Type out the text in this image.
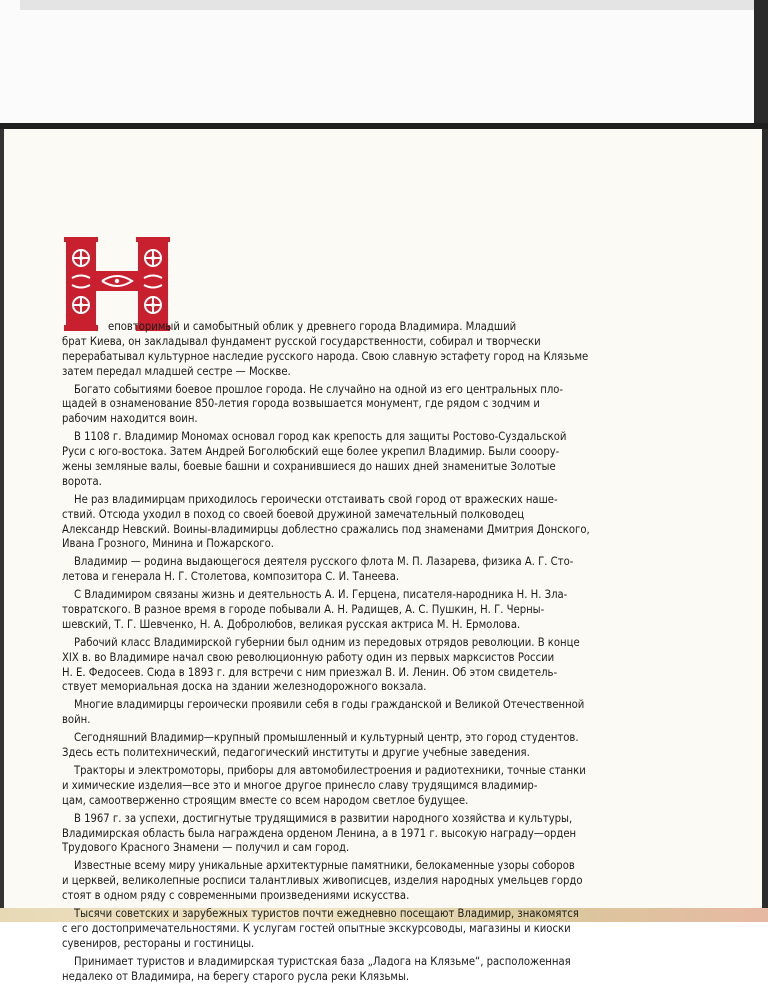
еповторимый и самобытный облик у древнего города Владимира. Младший
брат Киева, он закладывал фундамент русской государственности, собирал и творчески
перерабатывал культурное наследие русского народа. Свою славную эстафету город на Клязьме
затем передал младшей сестре — Москве.
Богато событиями боевое прошлое города. Не случайно на одной из его центральных пло-
щадей в ознаменование 850-летия города возвышается монумент, где рядом с зодчим и
рабочим находится воин.
В 1108 г. Владимир Мономах основал город как крепость для защиты Ростово-Суздальской
Руси с юго-востока. Затем Андрей Боголюбский еще более укрепил Владимир. Были сооору-
жены земляные валы, боевые башни и сохранившиеся до наших дней знаменитые Золотые
ворота.
Не раз владимирцам приходилось героически отстаивать свой город от вражеских наше-
ствий. Отсюда уходил в поход со своей боевой дружиной замечательный полководец
Александр Невский. Воины-владимирцы доблестно сражались под знаменами Дмитрия Донского,
Ивана Грозного, Минина и Пожарского.
Владимир — родина выдающегося деятеля русского флота М. П. Лазарева, физика А. Г. Сто-
летова и генерала Н. Г. Столетова, композитора С. И. Танеева.
С Владимиром связаны жизнь и деятельность А. И. Герцена, писателя-народника Н. Н. Зла-
товратского. В разное время в городе побывали А. Н. Радищев, А. С. Пушкин, Н. Г. Черны-
шевский, Т. Г. Шевченко, Н. А. Добролюбов, великая русская актриса М. Н. Ермолова.
Рабочий класс Владимирской губернии был одним из передовых отрядов революции. В конце
XIX в. во Владимире начал свою революционную работу один из первых марксистов России
Н. Е. Федосеев. Сюда в 1893 г. для встречи с ним приезжал В. И. Ленин. Об этом свидетель-
ствует мемориальная доска на здании железнодорожного вокзала.
Многие владимирцы героически проявили себя в годы гражданской и Великой Отечественной
войн.
Сегодняшний Владимир—крупный промышленный и культурный центр, это город студентов.
Здесь есть политехнический, педагогический институты и другие учебные заведения.
Тракторы и электромоторы, приборы для автомобилестроения и радиотехники, точные станки
и химические изделия—все это и многое другое принесло славу трудящимся владимир-
цам, самоотверженно строящим вместе со всем народом светлое будущее.
В 1967 г. за успехи, достигнутые трудящимися в развитии народного хозяйства и культуры,
Владимирская область была награждена орденом Ленина, а в 1971 г. высокую награду—орден
Трудового Красного Знамени — получил и сам город.
Известные всему миру уникальные архитектурные памятники, белокаменные узоры соборов
и церквей, великолепные росписи талантливых живописцев, изделия народных умельцев гордо
стоят в одном ряду с современными произведениями искусства.
Тысячи советских и зарубежных туристов почти ежедневно посещают Владимир, знакомятся
с его достопримечательностями. К услугам гостей опытные экскурсоводы, магазины и киоски
сувениров, рестораны и гостиницы.
Принимает туристов и владимирская туристская база „Ладога на Клязьме“, расположенная
недалеко от Владимира, на берегу старого русла реки Клязьмы.
